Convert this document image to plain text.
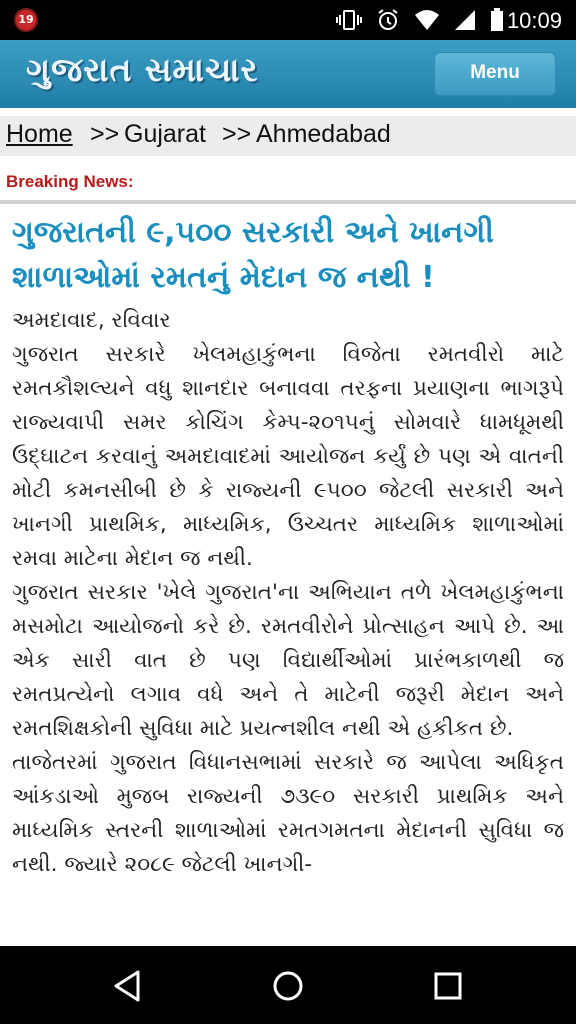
19	10:09
ગુજરાત સમાચાર	Menu
Home >> Gujarat >> Ahmedabad
Breaking News:
ગુજરાતની ૯,૫૦૦ સરકારી અને ખાનગી શાળાઓમાં રમતનું મેદાન જ નથી !

અમદાવાદ, રવિવાર

ગુજરાત સરકારે ખેલમહાકુંભના વિજેતા રમતવીરો માટે રમતકૌશલ્યને વધુ શાનદાર બનાવવા તરફના પ્રયાણના ભાગરૂપે રાજ્યવાપી સમર કોચિંગ કેમ્પ-૨૦૧૫નું સોમવારે ધામધૂમથી ઉદ્ઘાટન કરવાનું અમદાવાદમાં આયોજન કર્યું છે પણ એ વાતની મોટી કમનસીબી છે કે રાજ્યની ૯૫૦૦ જેટલી સરકારી અને ખાનગી પ્રાથમિક, માધ્યમિક, ઉચ્ચતર માધ્યમિક શાળાઓમાં રમવા માટેના મેદાન જ નથી.

ગુજરાત સરકાર 'ખેલે ગુજરાત'ના અભિયાન તળે ખેલમહાકુંભના મસમોટા આયોજનો કરે છે. રમતવીરોને પ્રોત્સાહન આપે છે. આ એક સારી વાત છે પણ વિદ્યાર્થીઓમાં પ્રારંભકાળથી જ રમતપ્રત્યેનો લગાવ વધે અને તે માટેની જરૂરી મેદાન અને રમતશિક્ષકોની સુવિધા માટે પ્રયત્નશીલ નથી એ હકીકત છે.

તાજેતરમાં ગુજરાત વિધાનસભામાં સરકારે જ આપેલા અધિકૃત આંકડાઓ મુજબ રાજ્યની ૭૩૯૦ સરકારી પ્રાથમિક અને માધ્યમિક સ્તરની શાળાઓમાં રમતગમતના મેદાનની સુવિધા જ નથી. જ્યારે ૨૦૮૯ જેટલી ખાનગી-
